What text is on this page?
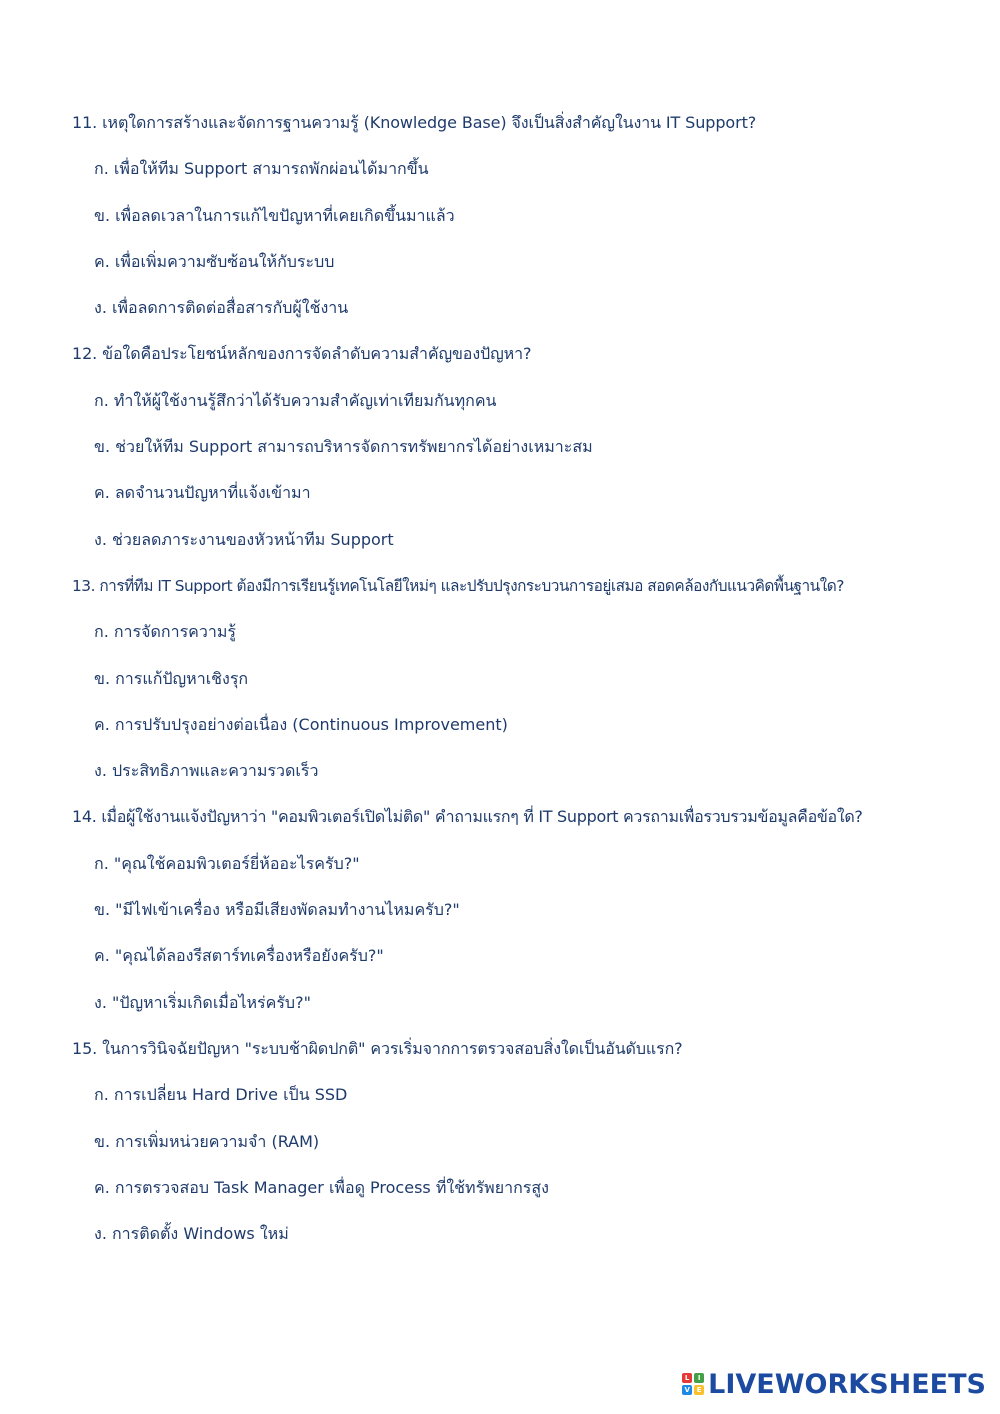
11. เหตุใดการสร้างและจัดการฐานความรู้ (Knowledge Base) จึงเป็นสิ่งสำคัญในงาน IT Support?
ก. เพื่อให้ทีม Support สามารถพักผ่อนได้มากขึ้น
ข. เพื่อลดเวลาในการแก้ไขปัญหาที่เคยเกิดขึ้นมาแล้ว
ค. เพื่อเพิ่มความซับซ้อนให้กับระบบ
ง. เพื่อลดการติดต่อสื่อสารกับผู้ใช้งาน
12. ข้อใดคือประโยชน์หลักของการจัดลำดับความสำคัญของปัญหา?
ก. ทำให้ผู้ใช้งานรู้สึกว่าได้รับความสำคัญเท่าเทียมกันทุกคน
ข. ช่วยให้ทีม Support สามารถบริหารจัดการทรัพยากรได้อย่างเหมาะสม
ค. ลดจำนวนปัญหาที่แจ้งเข้ามา
ง. ช่วยลดภาระงานของหัวหน้าทีม Support
13. การที่ทีม IT Support ต้องมีการเรียนรู้เทคโนโลยีใหม่ๆ และปรับปรุงกระบวนการอยู่เสมอ สอดคล้องกับแนวคิดพื้นฐานใด?
ก. การจัดการความรู้
ข. การแก้ปัญหาเชิงรุก
ค. การปรับปรุงอย่างต่อเนื่อง (Continuous Improvement)
ง. ประสิทธิภาพและความรวดเร็ว
14. เมื่อผู้ใช้งานแจ้งปัญหาว่า "คอมพิวเตอร์เปิดไม่ติด" คำถามแรกๆ ที่ IT Support ควรถามเพื่อรวบรวมข้อมูลคือข้อใด?
ก. "คุณใช้คอมพิวเตอร์ยี่ห้ออะไรครับ?"
ข. "มีไฟเข้าเครื่อง หรือมีเสียงพัดลมทำงานไหมครับ?"
ค. "คุณได้ลองรีสตาร์ทเครื่องหรือยังครับ?"
ง. "ปัญหาเริ่มเกิดเมื่อไหร่ครับ?"
15. ในการวินิจฉัยปัญหา "ระบบช้าผิดปกติ" ควรเริ่มจากการตรวจสอบสิ่งใดเป็นอันดับแรก?
ก. การเปลี่ยน Hard Drive เป็น SSD
ข. การเพิ่มหน่วยความจำ (RAM)
ค. การตรวจสอบ Task Manager เพื่อดู Process ที่ใช้ทรัพยากรสูง
ง. การติดตั้ง Windows ใหม่
L	I
V E LIVEWORKSHEETS
